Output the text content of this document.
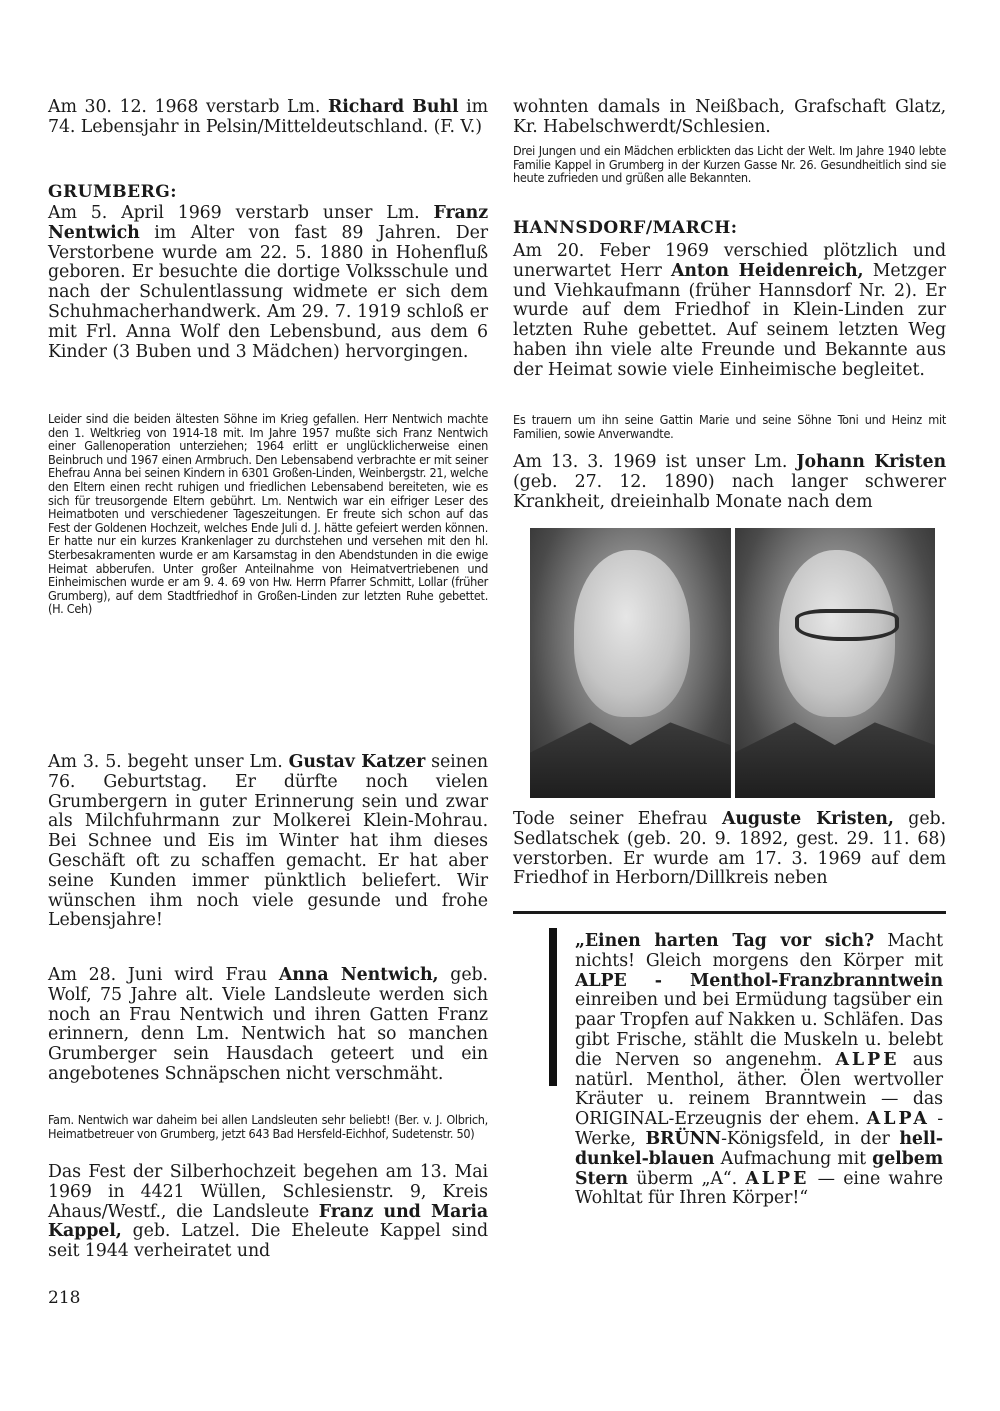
Am 30. 12. 1968 verstarb Lm. Richard Buhl im 74. Lebensjahr in Pelsin/Mitteldeutschland. (F. V.)

GRUMBERG:

Am 5. April 1969 verstarb unser Lm. Franz Nentwich im Alter von fast 89 Jahren. Der Verstorbene wurde am 22. 5. 1880 in Hohenfluß geboren. Er besuchte die dortige Volksschule und nach der Schulentlassung widmete er sich dem Schuhmacherhandwerk. Am 29. 7. 1919 schloß er mit Frl. Anna Wolf den Lebensbund, aus dem 6 Kinder (3 Buben und 3 Mädchen) hervorgingen.

Leider sind die beiden ältesten Söhne im Krieg gefallen. Herr Nentwich machte den 1. Weltkrieg von 1914-18 mit. Im Jahre 1957 mußte sich Franz Nentwich einer Gallenoperation unterziehen; 1964 erlitt er unglücklicherweise einen Beinbruch und 1967 einen Armbruch. Den Lebensabend verbrachte er mit seiner Ehefrau Anna bei seinen Kindern in 6301 Großen-Linden, Weinbergstr. 21, welche den Eltern einen recht ruhigen und friedlichen Lebensabend bereiteten, wie es sich für treusorgende Eltern gebührt. Lm. Nentwich war ein eifriger Leser des Heimatboten und verschiedener Tageszeitungen. Er freute sich schon auf das Fest der Goldenen Hochzeit, welches Ende Juli d. J. hätte gefeiert werden können. Er hatte nur ein kurzes Krankenlager zu durchstehen und versehen mit den hl. Sterbesakramenten wurde er am Karsamstag in den Abendstunden in die ewige Heimat abberufen. Unter großer Anteilnahme von Heimatvertriebenen und Einheimischen wurde er am 9. 4. 69 von Hw. Herrn Pfarrer Schmitt, Lollar (früher Grumberg), auf dem Stadtfriedhof in Großen-Linden zur letzten Ruhe gebettet. (H. Ceh)

Am 3. 5. begeht unser Lm. Gustav Katzer seinen 76. Geburtstag. Er dürfte noch vielen Grumbergern in guter Erinnerung sein und zwar als Milchfuhrmann zur Molkerei Klein-Mohrau. Bei Schnee und Eis im Winter hat ihm dieses Geschäft oft zu schaffen gemacht. Er hat aber seine Kunden immer pünktlich beliefert. Wir wünschen ihm noch viele gesunde und frohe Lebensjahre!

Am 28. Juni wird Frau Anna Nentwich, geb. Wolf, 75 Jahre alt. Viele Landsleute werden sich noch an Frau Nentwich und ihren Gatten Franz erinnern, denn Lm. Nentwich hat so manchen Grumberger sein Hausdach geteert und ein angebotenes Schnäpschen nicht verschmäht.

Fam. Nentwich war daheim bei allen Landsleuten sehr beliebt! (Ber. v. J. Olbrich, Heimatbetreuer von Grumberg, jetzt 643 Bad Hersfeld-Eichhof, Sudetenstr. 50)

Das Fest der Silberhochzeit begehen am 13. Mai 1969 in 4421 Wüllen, Schlesienstr. 9, Kreis Ahaus/Westf., die Landsleute Franz und Maria Kappel, geb. Latzel. Die Eheleute Kappel sind seit 1944 verheiratet und

218

wohnten damals in Neißbach, Grafschaft Glatz, Kr. Habelschwerdt/Schlesien.

Drei Jungen und ein Mädchen erblickten das Licht der Welt. Im Jahre 1940 lebte Familie Kappel in Grumberg in der Kurzen Gasse Nr. 26. Gesundheitlich sind sie heute zufrieden und grüßen alle Bekannten.

HANNSDORF/MARCH:

Am 20. Feber 1969 verschied plötzlich und unerwartet Herr Anton Heidenreich, Metzger und Viehkaufmann (früher Hannsdorf Nr. 2). Er wurde auf dem Friedhof in Klein-Linden zur letzten Ruhe gebettet. Auf seinem letzten Weg haben ihn viele alte Freunde und Bekannte aus der Heimat sowie viele Einheimische begleitet.

Es trauern um ihn seine Gattin Marie und seine Söhne Toni und Heinz mit Familien, sowie Anverwandte.

Am 13. 3. 1969 ist unser Lm. Johann Kristen (geb. 27. 12. 1890) nach langer schwerer Krankheit, dreieinhalb Monate nach dem

Tode seiner Ehefrau Auguste Kristen, geb. Sedlatschek (geb. 20. 9. 1892, gest. 29. 11. 68) verstorben. Er wurde am 17. 3. 1969 auf dem Friedhof in Herborn/Dillkreis neben

„Einen harten Tag vor sich? Macht nichts! Gleich morgens den Körper mit ALPE - Menthol-Franzbranntwein einreiben und bei Ermüdung tagsüber ein paar Tropfen auf Nakken u. Schläfen. Das gibt Frische, stählt die Muskeln u. belebt die Nerven so angenehm. ALPE aus natürl. Menthol, äther. Ölen wertvoller Kräuter u. reinem Branntwein — das ORIGINAL-Erzeugnis der ehem. ALPA - Werke, BRÜNN-Königsfeld, in der hell-dunkel-blauen Aufmachung mit gelbem Stern überm „A“. ALPE — eine wahre Wohltat für Ihren Körper!“
